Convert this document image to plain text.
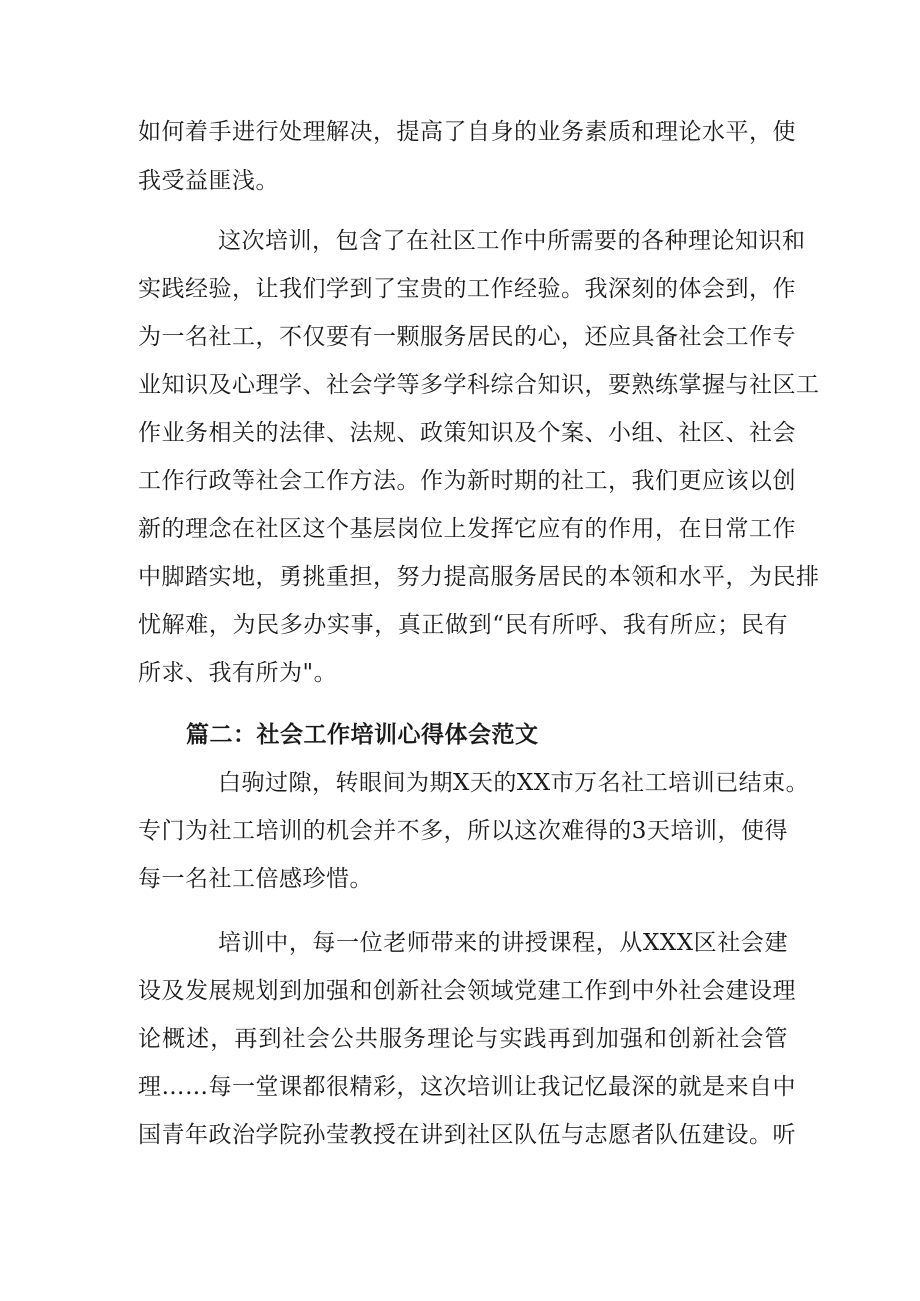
如何着手进行处理解决，提高了自身的业务素质和理论水平，使
我受益匪浅。
这次培训，包含了在社区工作中所需要的各种理论知识和
实践经验，让我们学到了宝贵的工作经验。我深刻的体会到，作
为一名社工，不仅要有一颗服务居民的心，还应具备社会工作专
业知识及心理学、社会学等多学科综合知识，要熟练掌握与社区工
作业务相关的法律、法规、政策知识及个案、小组、社区、社会
工作行政等社会工作方法。作为新时期的社工，我们更应该以创
新的理念在社区这个基层岗位上发挥它应有的作用，在日常工作
中脚踏实地，勇挑重担，努力提高服务居民的本领和水平，为民排
忧解难，为民多办实事，真正做到“民有所呼、我有所应；民有
所求、我有所为"。
篇二：社会工作培训心得体会范文
白驹过隙，转眼间为期X天的XX市万名社工培训已结束。
专门为社工培训的机会并不多，所以这次难得的3天培训，使得
每一名社工倍感珍惜。
培训中，每一位老师带来的讲授课程，从XXX区社会建
设及发展规划到加强和创新社会领域党建工作到中外社会建设理
论概述，再到社会公共服务理论与实践再到加强和创新社会管
理……每一堂课都很精彩，这次培训让我记忆最深的就是来自中
国青年政治学院孙莹教授在讲到社区队伍与志愿者队伍建设。听
